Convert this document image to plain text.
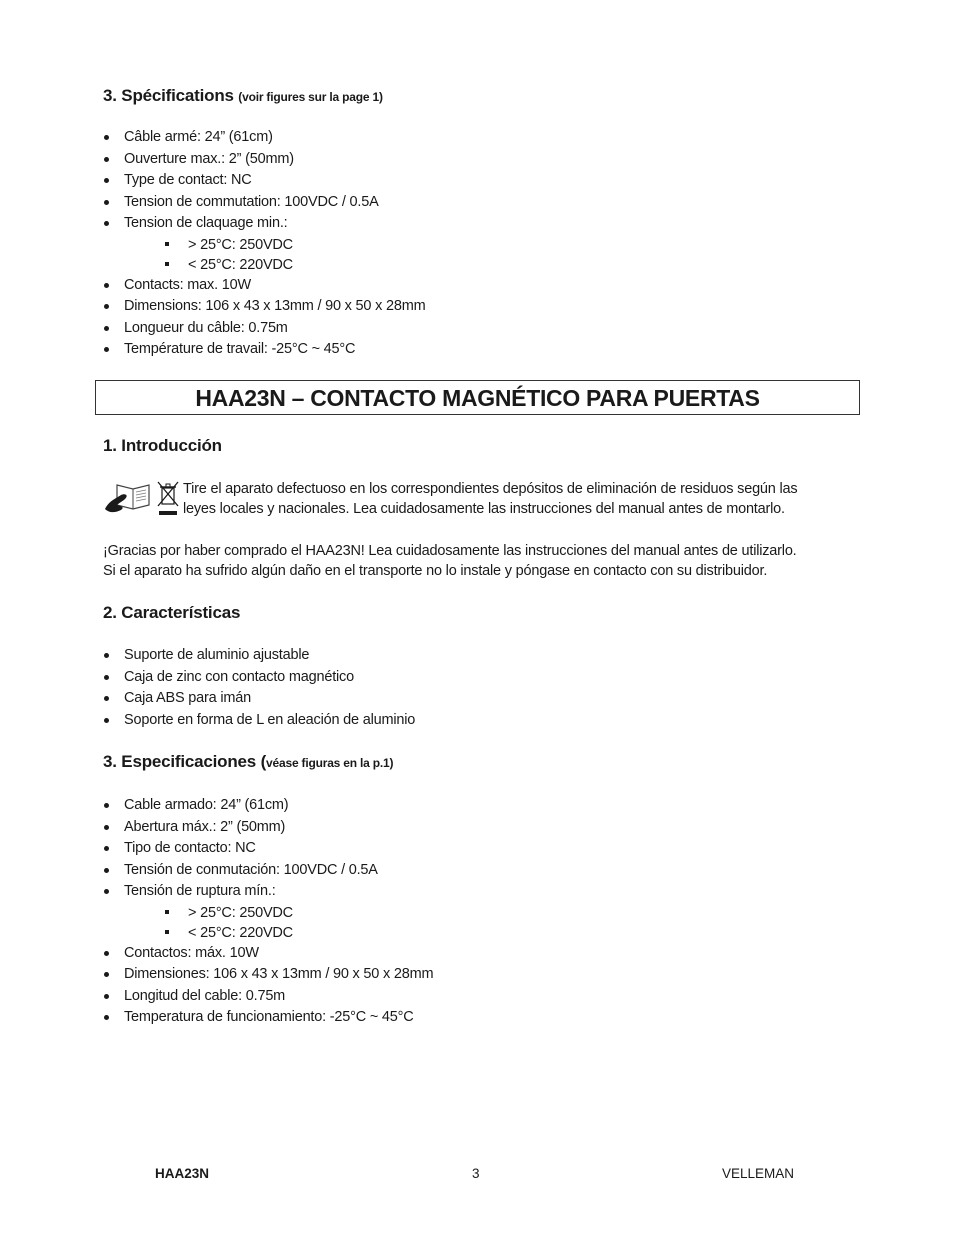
3. Spécifications (voir figures sur la page 1)
Câble armé: 24” (61cm)
Ouverture max.: 2” (50mm)
Type de contact: NC
Tension de commutation: 100VDC / 0.5A
Tension de claquage min.:
> 25°C: 250VDC
< 25°C: 220VDC
Contacts: max. 10W
Dimensions: 106 x 43 x 13mm / 90 x 50 x 28mm
Longueur du câble: 0.75m
Température de travail: -25°C ~ 45°C
HAA23N – CONTACTO MAGNÉTICO PARA PUERTAS
1. Introducción

Tire el aparato defectuoso en los correspondientes depósitos de eliminación de residuos según las

leyes locales y nacionales. Lea cuidadosamente las instrucciones del manual antes de montarlo.

¡Gracias por haber comprado el HAA23N! Lea cuidadosamente las instrucciones del manual antes de utilizarlo.

Si el aparato ha sufrido algún daño en el transporte no lo instale y póngase en contacto con su distribuidor.

2. Características
Suporte de aluminio ajustable
Caja de zinc con contacto magnético
Caja ABS para imán
Soporte en forma de L en aleación de aluminio
3. Especificaciones (véase figuras en la p.1)
Cable armado: 24” (61cm)
Abertura máx.: 2” (50mm)
Tipo de contacto: NC
Tensión de conmutación: 100VDC / 0.5A
Tensión de ruptura mín.:
> 25°C: 250VDC
< 25°C: 220VDC
Contactos: máx. 10W
Dimensiones: 106 x 43 x 13mm / 90 x 50 x 28mm
Longitud del cable: 0.75m
Temperatura de funcionamiento: -25°C ~ 45°C
HAA23N	3	VELLEMAN
